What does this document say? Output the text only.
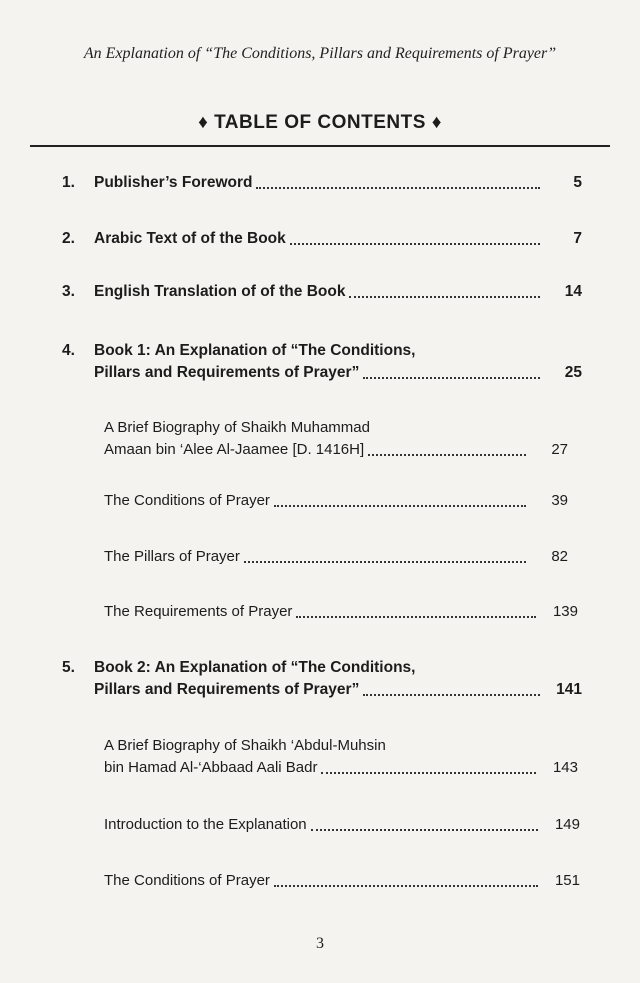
An Explanation of “The Conditions, Pillars and Requirements of Prayer”
♦ TABLE OF CONTENTS ♦
1.	Publisher’s Foreword	5
2.	Arabic Text of of the Book	7
3.	English Translation of of the Book	14
4.	Book 1: An Explanation of “The Conditions,
Pillars and Requirements of Prayer”	25
A Brief Biography of Shaikh Muhammad
Amaan bin ‘Alee Al-Jaamee [D. 1416H]	27
The Conditions of Prayer	39
The Pillars of Prayer	82
The Requirements of Prayer	139
5.	Book 2: An Explanation of “The Conditions,
Pillars and Requirements of Prayer”	141
A Brief Biography of Shaikh ‘Abdul-Muhsin
bin Hamad Al-‘Abbaad Aali Badr	143
Introduction to the Explanation	149
The Conditions of Prayer	151
3
